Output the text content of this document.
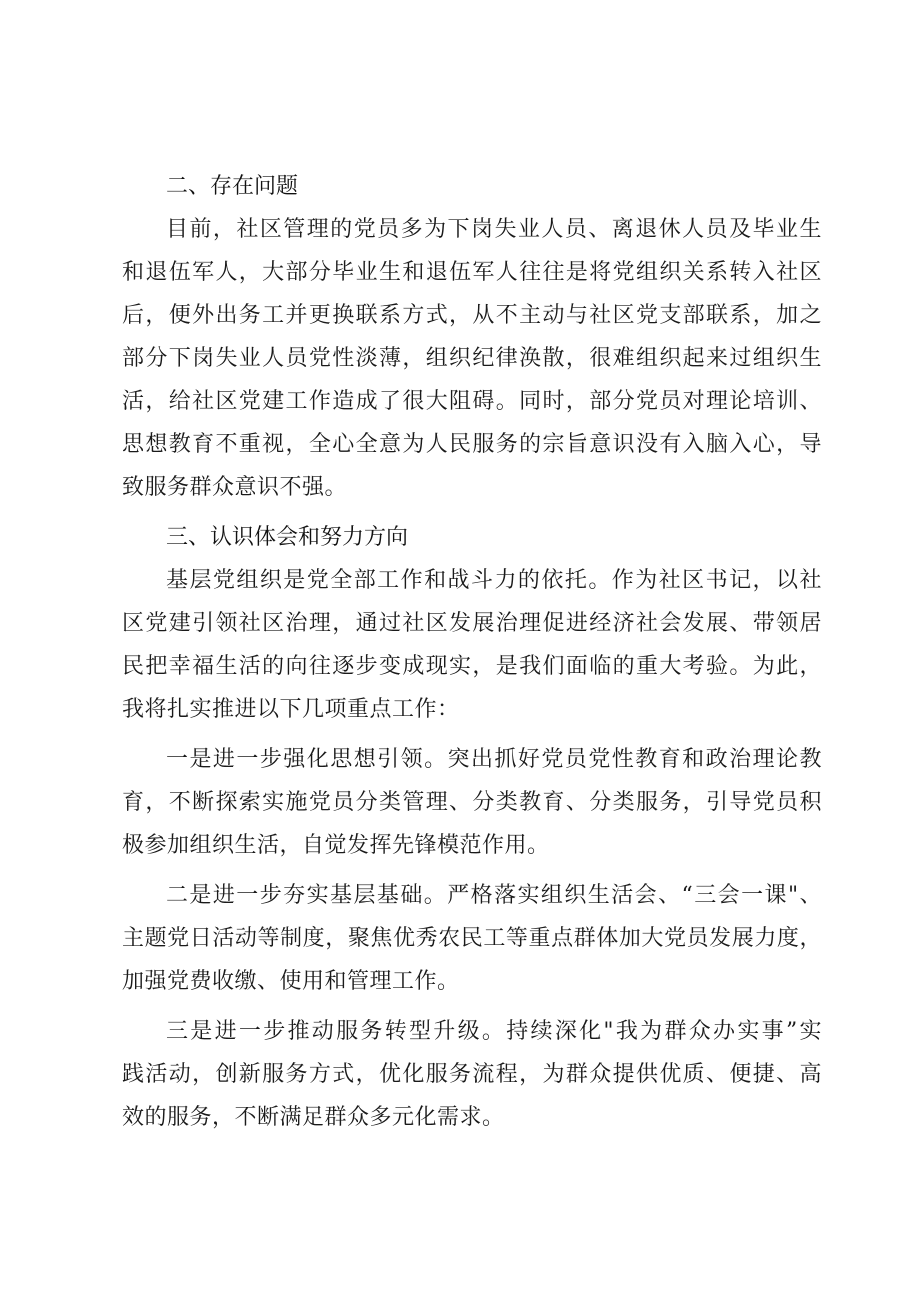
二、存在问题
目前，社区管理的党员多为下岗失业人员、离退休人员及毕业生
和退伍军人，大部分毕业生和退伍军人往往是将党组织关系转入社区
后，便外出务工并更换联系方式，从不主动与社区党支部联系，加之
部分下岗失业人员党性淡薄，组织纪律涣散，很难组织起来过组织生
活，给社区党建工作造成了很大阻碍。同时，部分党员对理论培训、
思想教育不重视，全心全意为人民服务的宗旨意识没有入脑入心，导
致服务群众意识不强。
三、认识体会和努力方向
基层党组织是党全部工作和战斗力的依托。作为社区书记，以社
区党建引领社区治理，通过社区发展治理促进经济社会发展、带领居
民把幸福生活的向往逐步变成现实，是我们面临的重大考验。为此，
我将扎实推进以下几项重点工作：
一是进一步强化思想引领。突出抓好党员党性教育和政治理论教
育，不断探索实施党员分类管理、分类教育、分类服务，引导党员积
极参加组织生活，自觉发挥先锋模范作用。
二是进一步夯实基层基础。严格落实组织生活会、“三会一课"、
主题党日活动等制度，聚焦优秀农民工等重点群体加大党员发展力度，
加强党费收缴、使用和管理工作。
三是进一步推动服务转型升级。持续深化"我为群众办实事”实
践活动，创新服务方式，优化服务流程，为群众提供优质、便捷、高
效的服务，不断满足群众多元化需求。
